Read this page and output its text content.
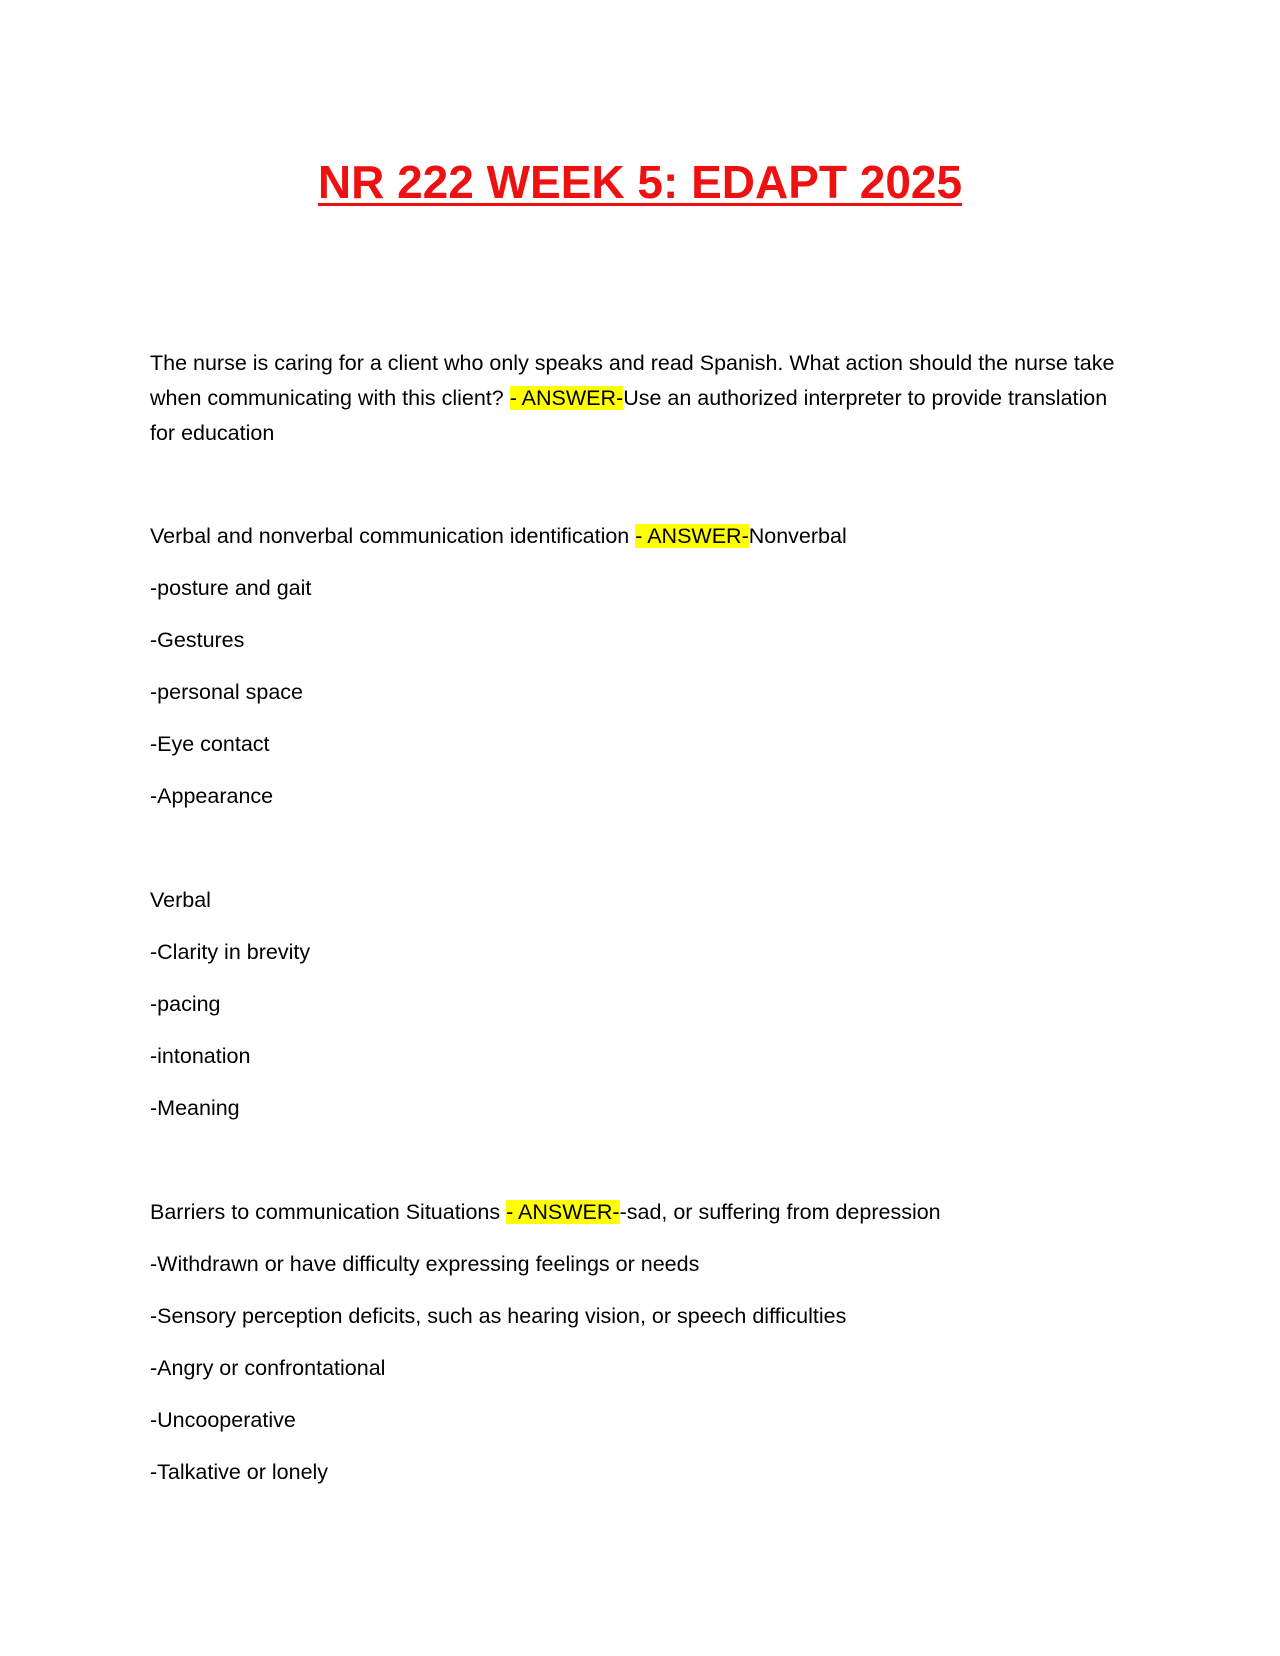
NR 222 WEEK 5: EDAPT 2025

The nurse is caring for a client who only speaks and read Spanish. What action should the nurse take when communicating with this client? - ANSWER-Use an authorized interpreter to provide translation for education

Verbal and nonverbal communication identification - ANSWER-Nonverbal

-posture and gait

-Gestures

-personal space

-Eye contact

-Appearance

Verbal

-Clarity in brevity

-pacing

-intonation

-Meaning

Barriers to communication Situations - ANSWER--sad, or suffering from depression

-Withdrawn or have difficulty expressing feelings or needs

-Sensory perception deficits, such as hearing vision, or speech difficulties

-Angry or confrontational

-Uncooperative

-Talkative or lonely
